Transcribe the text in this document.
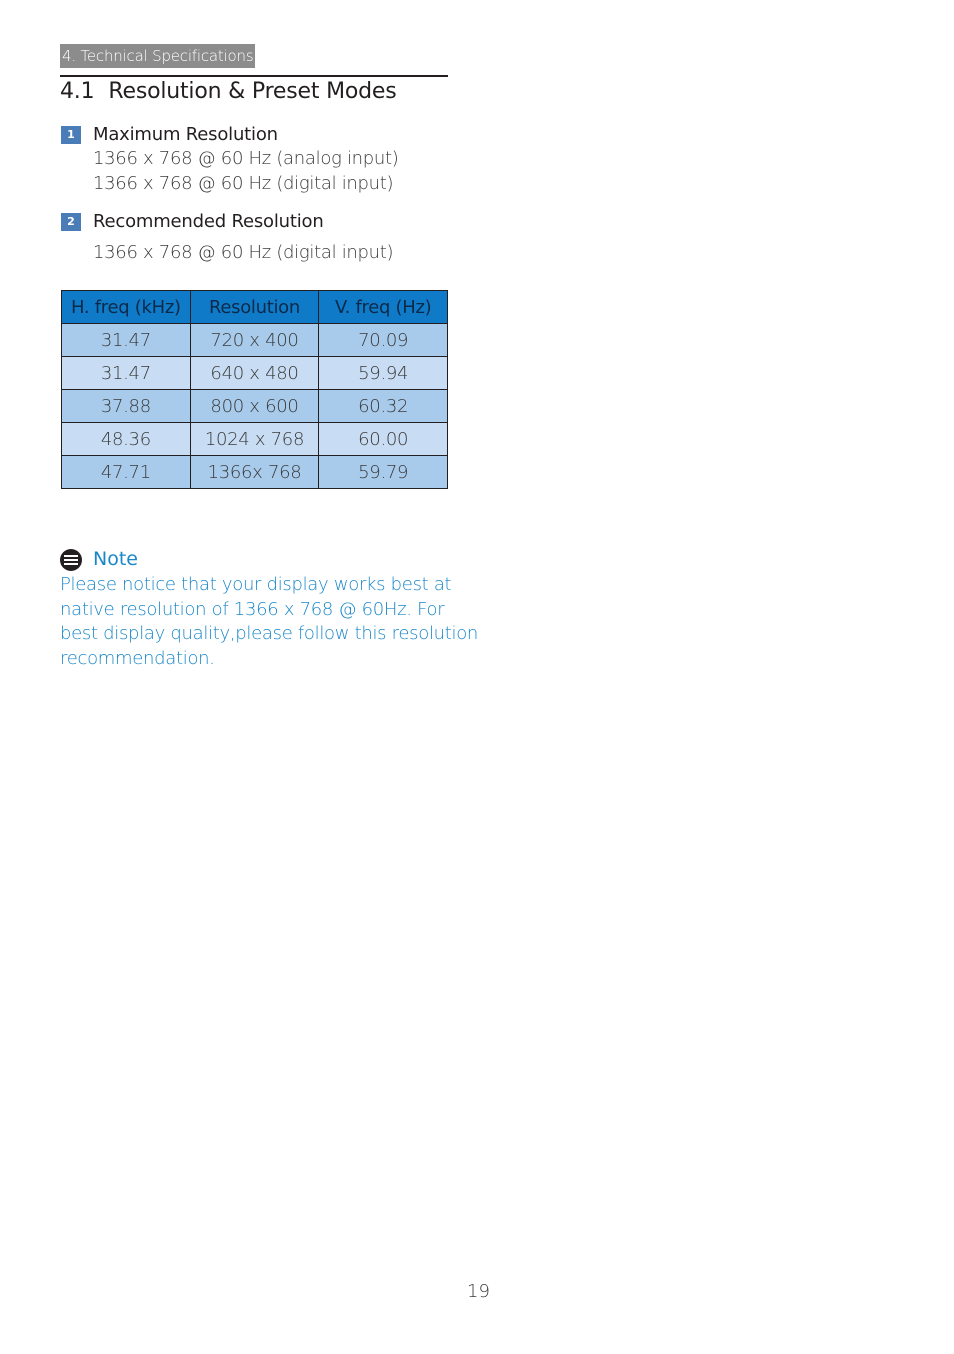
4. Technical Specifications
4.1 Resolution & Preset Modes
1	Maximum Resolution
1366 x 768 @ 60 Hz (analog input)
1366 x 768 @ 60 Hz (digital input)
2	Recommended Resolution
1366 x 768 @ 60 Hz (digital input)
H. freq (kHz)	Resolution	V. freq (Hz)
31.47	720 x 400	70.09
31.47	640 x 480	59.94
37.88	800 x 600	60.32
48.36	1024 x 768	60.00
47.71	1366x 768	59.79
Note

Please notice that your display works best at
native resolution of 1366 x 768 @ 60Hz. For
best display quality,please follow this resolution
recommendation.

19
